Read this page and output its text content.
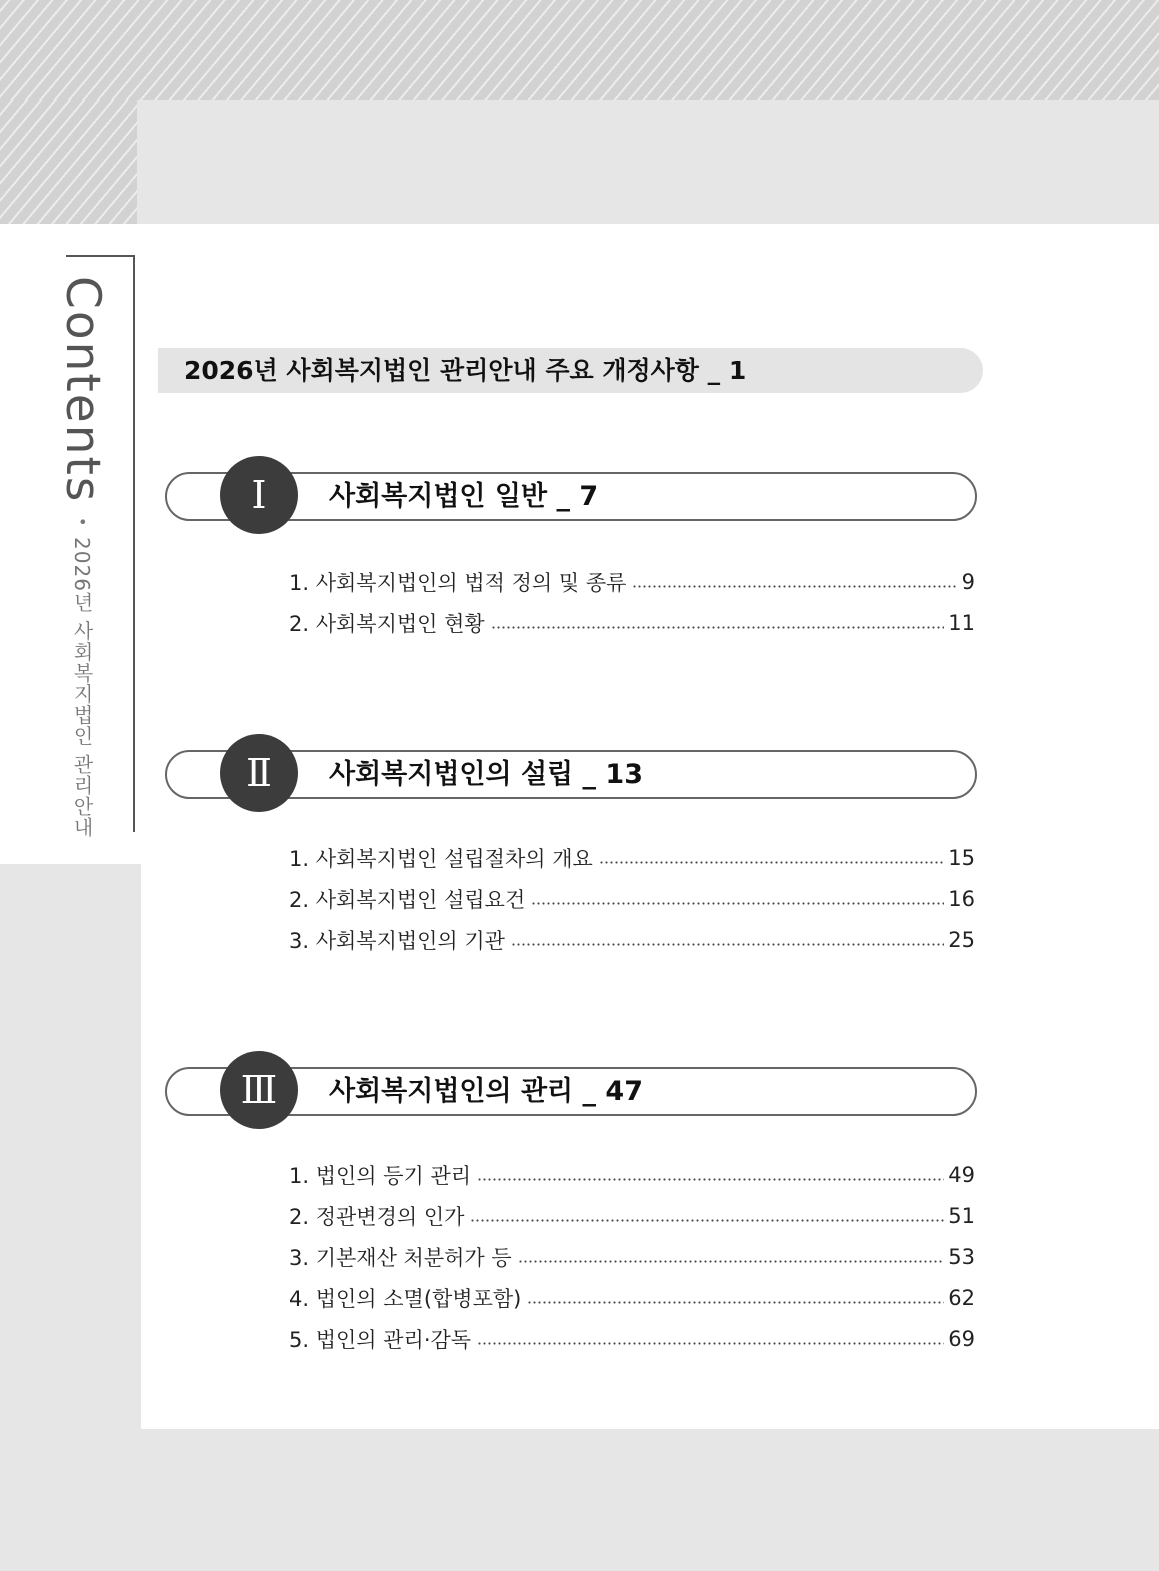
Contents • 2026년 사회복지법인 관리안내
2026년 사회복지법인 관리안내 주요 개정사항 _ 1
Ⅰ	사회복지법인 일반 _ 7
1. 사회복지법인의 법적 정의 및 종류	9
2. 사회복지법인 현황	11
Ⅱ	사회복지법인의 설립 _ 13
1. 사회복지법인 설립절차의 개요	15
2. 사회복지법인 설립요건	16
3. 사회복지법인의 기관	25
Ⅲ	사회복지법인의 관리 _ 47
1. 법인의 등기 관리	49
2. 정관변경의 인가	51
3. 기본재산 처분허가 등	53
4. 법인의 소멸(합병포함)	62
5. 법인의 관리·감독	69
